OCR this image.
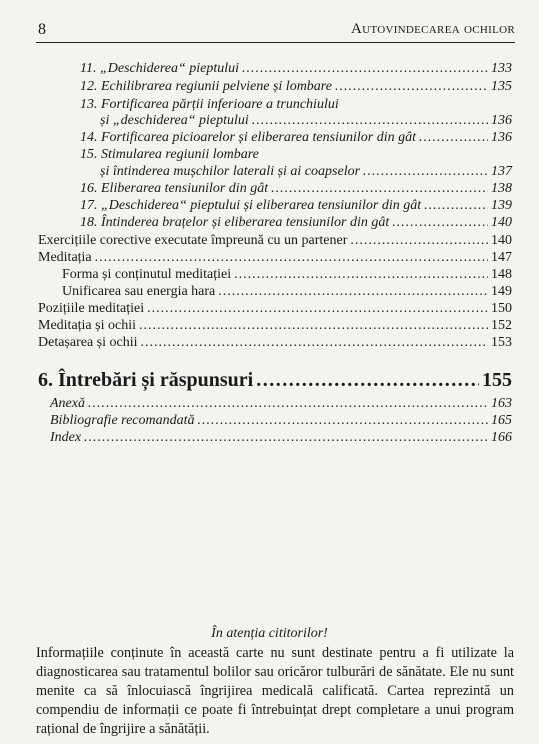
8	Autovindecarea ochilor
11. „Deschiderea“ pieptului .....	133
12. Echilibrarea regiunii pelviene și lombare .....	135
13. Fortificarea părții inferioare a trunchiului
și „deschiderea“ pieptului .....	136
14. Fortificarea picioarelor și eliberarea tensiunilor din gât .....	136
15. Stimularea regiunii lombare
și întinderea mușchilor laterali și ai coapselor .....	137
16. Eliberarea tensiunilor din gât .....	138
17. „Deschiderea“ pieptului și eliberarea tensiunilor din gât .....	139
18. Întinderea brațelor și eliberarea tensiunilor din gât .....	140
Exercițiile corective executate împreună cu un partener .....	140
Meditația .....	147
Forma și conținutul meditației .....	148
Unificarea sau energia hara .....	149
Pozițiile meditației .....	150
Meditația și ochii .....	152
Detașarea și ochii .....	153
6. Întrebări și răspunsuri .....	155
Anexă .....	163
Bibliografie recomandată .....	165
Index .....	166
În atenția cititorilor!
Informațiile conținute în această carte nu sunt destinate pentru a fi utilizate la diagnosticarea sau tratamentul bolilor sau oricăror tulburări de sănătate. Ele nu sunt menite ca să înlocuiască îngrijirea medicală calificată. Cartea reprezintă un compendiu de informații ce poate fi întrebuințat drept completare a unui program rațional de îngrijire a sănătății.
